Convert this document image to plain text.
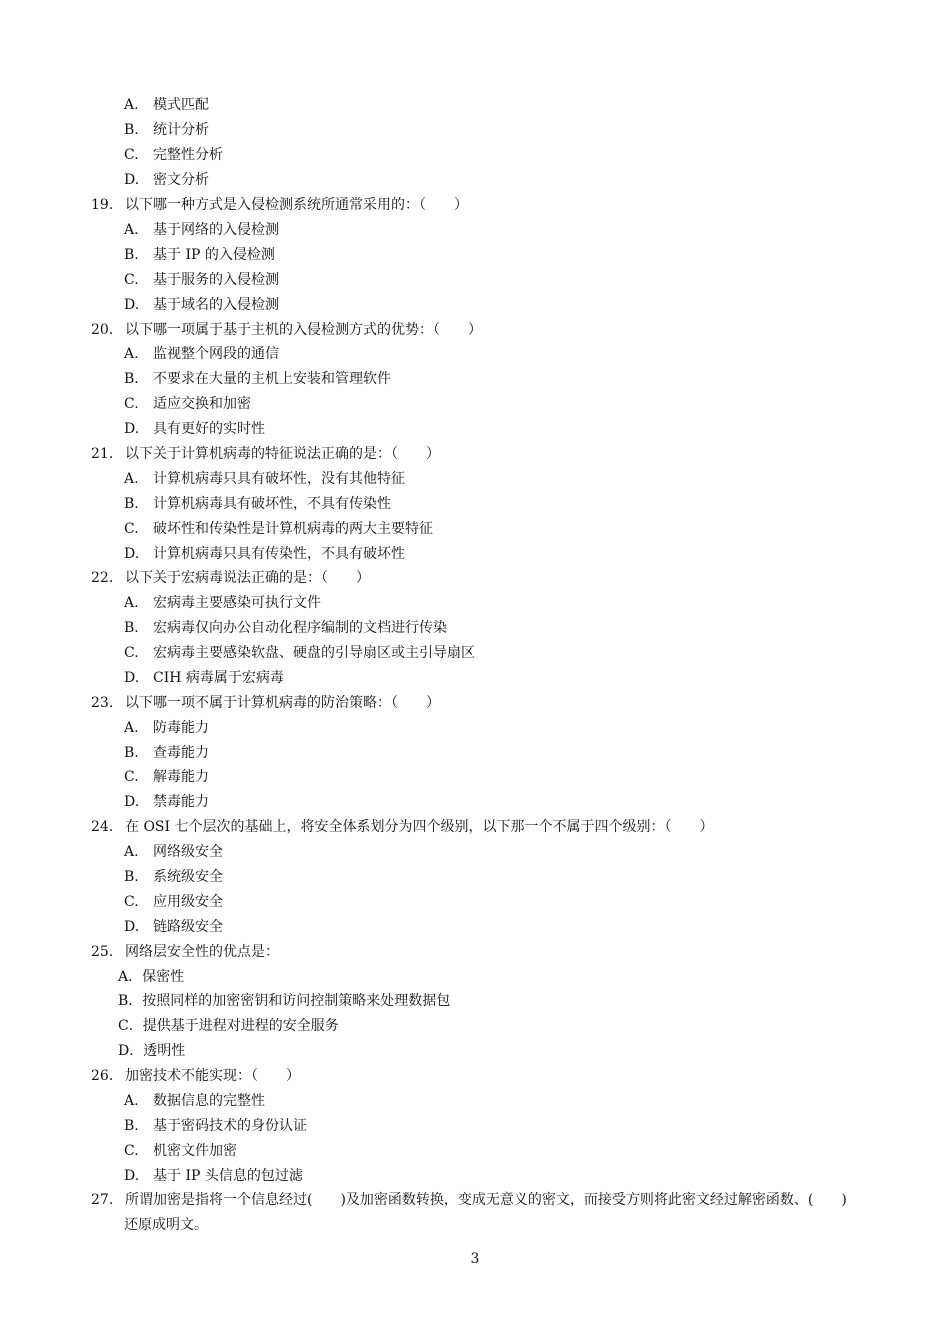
A. 模式匹配
B. 统计分析
C. 完整性分析
D. 密文分析
19. 以下哪一种方式是入侵检测系统所通常采用的：（　　）
A. 基于网络的入侵检测
B. 基于 IP 的入侵检测
C. 基于服务的入侵检测
D. 基于域名的入侵检测
20. 以下哪一项属于基于主机的入侵检测方式的优势：（　　）
A. 监视整个网段的通信
B. 不要求在大量的主机上安装和管理软件
C. 适应交换和加密
D. 具有更好的实时性
21. 以下关于计算机病毒的特征说法正确的是：（　　）
A. 计算机病毒只具有破坏性，没有其他特征
B. 计算机病毒具有破坏性，不具有传染性
C. 破坏性和传染性是计算机病毒的两大主要特征
D. 计算机病毒只具有传染性，不具有破坏性
22. 以下关于宏病毒说法正确的是：（　　）
A. 宏病毒主要感染可执行文件
B. 宏病毒仅向办公自动化程序编制的文档进行传染
C. 宏病毒主要感染软盘、硬盘的引导扇区或主引导扇区
D. CIH 病毒属于宏病毒
23. 以下哪一项不属于计算机病毒的防治策略：（　　）
A. 防毒能力
B. 查毒能力
C. 解毒能力
D. 禁毒能力
24. 在 OSI 七个层次的基础上，将安全体系划分为四个级别，以下那一个不属于四个级别：（　　）
A. 网络级安全
B. 系统级安全
C. 应用级安全
D. 链路级安全
25. 网络层安全性的优点是：
A．保密性
B．按照同样的加密密钥和访问控制策略来处理数据包
C．提供基于进程对进程的安全服务
D．透明性
26. 加密技术不能实现：（　　）
A. 数据信息的完整性
B. 基于密码技术的身份认证
C. 机密文件加密
D. 基于 IP 头信息的包过滤
27. 所谓加密是指将一个信息经过(　　)及加密函数转换，变成无意义的密文，而接受方则将此密文经过解密函数、(　　)
还原成明文。
3
